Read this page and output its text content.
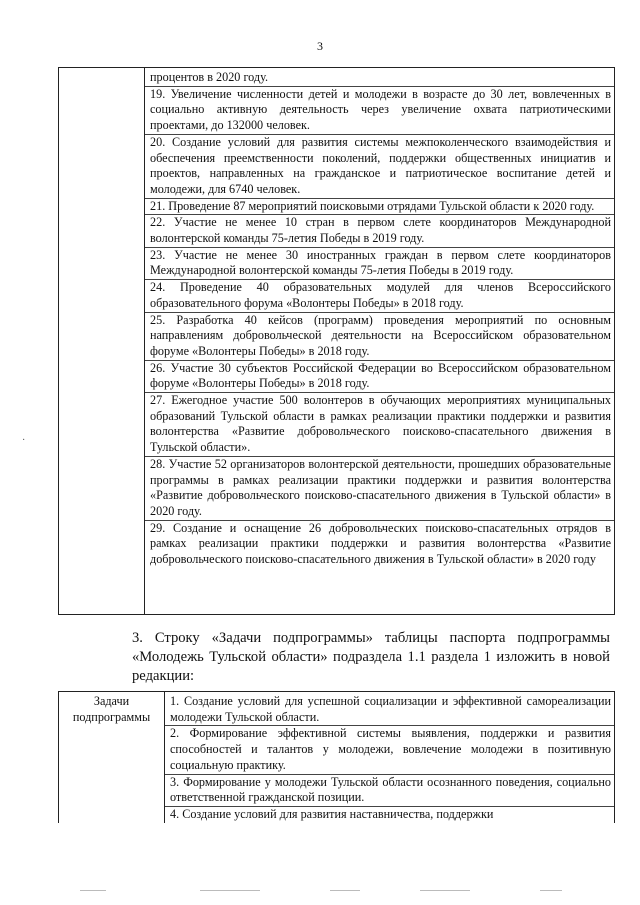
3
·

процентов в 2020 году.
19. Увеличение численности детей и молодежи в возрасте до 30 лет, вовлеченных в социально активную деятельность через увеличение охвата патриотическими проектами, до 132000 человек.
20. Создание условий для развития системы межпоколенческого взаимодействия и обеспечения преемственности поколений, поддержки общественных инициатив и проектов, направленных на гражданское и патриотическое воспитание детей и молодежи, для 6740 человек.
21. Проведение 87 мероприятий поисковыми отрядами Тульской области к 2020 году.
22. Участие не менее 10 стран в первом слете координаторов Международной волонтерской команды 75-летия Победы в 2019 году.
23. Участие не менее 30 иностранных граждан в первом слете координаторов Международной волонтерской команды 75-летия Победы в 2019 году.
24. Проведение 40 образовательных модулей для членов Всероссийского образовательного форума «Волонтеры Победы» в 2018 году.
25. Разработка 40 кейсов (программ) проведения мероприятий по основным направлениям добровольческой деятельности на Всероссийском образовательном форуме «Волонтеры Победы» в 2018 году.
26. Участие 30 субъектов Российской Федерации во Всероссийском образовательном форуме «Волонтеры Победы» в 2018 году.
27. Ежегодное участие 500 волонтеров в обучающих мероприятиях муниципальных образований Тульской области в рамках реализации практики поддержки и развития волонтерства «Развитие добровольческого поисково-спасательного движения в Тульской области».
28. Участие 52 организаторов волонтерской деятельности, прошедших образовательные программы в рамках реализации практики поддержки и развития волонтерства «Развитие добровольческого поисково-спасательного движения в Тульской области» в 2020 году.
29. Создание и оснащение 26 добровольческих поисково-спасательных отрядов в рамках реализации практики поддержки и развития волонтерства «Развитие добровольческого поисково-спасательного движения в Тульской области» в 2020 году
3. Строку «Задачи подпрограммы» таблицы паспорта подпрограммы «Молодежь Тульской области» подраздела 1.1 раздела 1 изложить в новой редакции:
Задачи подпрограммы

1. Создание условий для успешной социализации и эффективной самореализации молодежи Тульской области.
2. Формирование эффективной системы выявления, поддержки и развития способностей и талантов у молодежи, вовлечение молодежи в позитивную социальную практику.
3. Формирование у молодежи Тульской области осознанного поведения, социально ответственной гражданской позиции.
4. Создание условий для развития наставничества, поддержки
